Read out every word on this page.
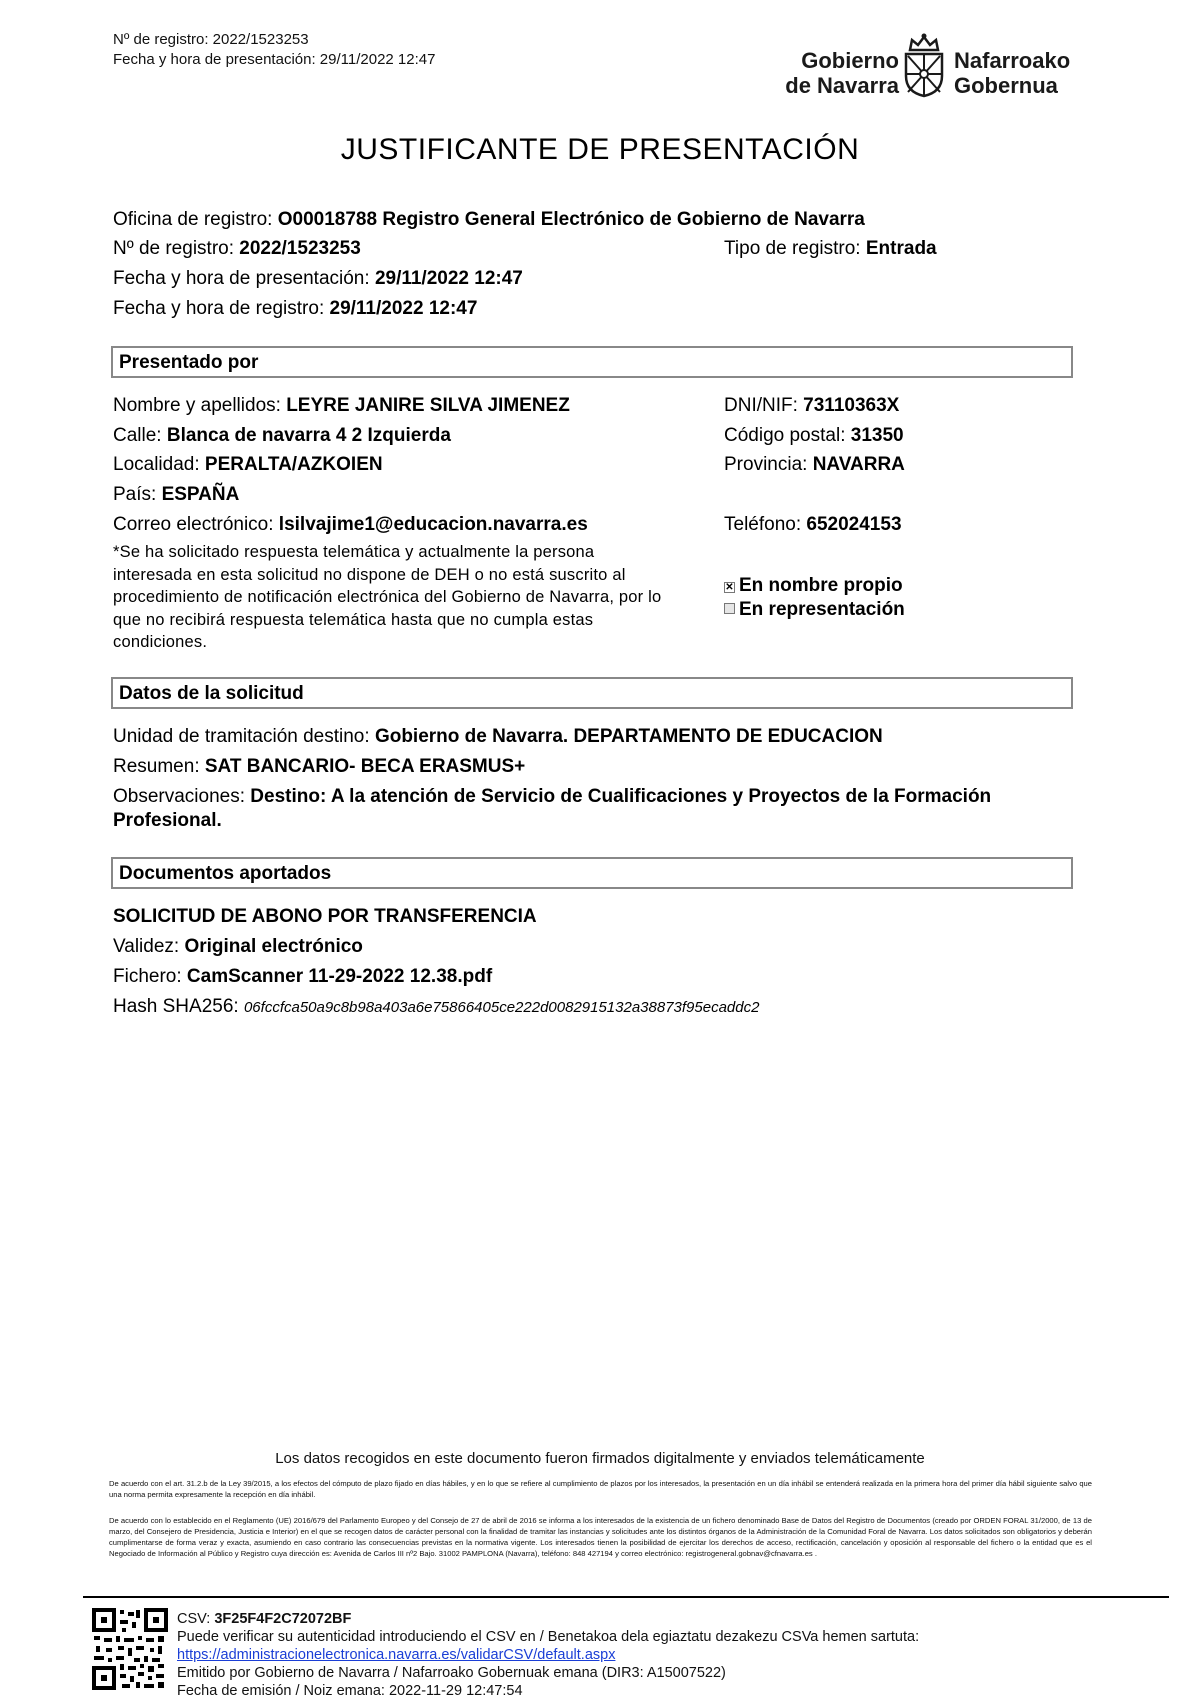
Nº de registro: 2022/1523253
Fecha y hora de presentación: 29/11/2022 12:47	Gobierno
de Navarra
Nafarroako
Gobernua
JUSTIFICANTE DE PRESENTACIÓN
Oficina de registro: O00018788 Registro General Electrónico de Gobierno de Navarra
Nº de registro: 2022/1523253	Tipo de registro: Entrada
Fecha y hora de presentación: 29/11/2022 12:47
Fecha y hora de registro: 29/11/2022 12:47
Presentado por
Nombre y apellidos: LEYRE JANIRE SILVA JIMENEZ	DNI/NIF: 73110363X
Calle: Blanca de navarra 4 2 Izquierda	Código postal: 31350
Localidad: PERALTA/AZKOIEN	Provincia: NAVARRA
País: ESPAÑA
Correo electrónico: lsilvajime1@educacion.navarra.es	Teléfono: 652024153
*Se ha solicitado respuesta telemática y actualmente la persona
interesada en esta solicitud no dispone de DEH o no está suscrito al
procedimiento de notificación electrónica del Gobierno de Navarra, por lo
que no recibirá respuesta telemática hasta que no cumpla estas
condiciones.
✕ En nombre propio
En representación
Datos de la solicitud
Unidad de tramitación destino: Gobierno de Navarra. DEPARTAMENTO DE EDUCACION
Resumen: SAT BANCARIO- BECA ERASMUS+
Observaciones: Destino: A la atención de Servicio de Cualificaciones y Proyectos de la Formación
Profesional.
Documentos aportados
SOLICITUD DE ABONO POR TRANSFERENCIA
Validez: Original electrónico
Fichero: CamScanner 11-29-2022 12.38.pdf
Hash SHA256: 06fccfca50a9c8b98a403a6e75866405ce222d0082915132a38873f95ecaddc2
Los datos recogidos en este documento fueron firmados digitalmente y enviados telemáticamente
De acuerdo con el art. 31.2.b de la Ley 39/2015, a los efectos del cómputo de plazo fijado en días hábiles, y en lo que se refiere al cumplimiento de plazos por los interesados, la presentación en un día inhábil se entenderá realizada en la primera hora del primer día hábil siguiente salvo que una norma permita expresamente la recepción en día inhábil.
De acuerdo con lo establecido en el Reglamento (UE) 2016/679 del Parlamento Europeo y del Consejo de 27 de abril de 2016 se informa a los interesados de la existencia de un fichero denominado Base de Datos del Registro de Documentos (creado por ORDEN FORAL 31/2000, de 13 de marzo, del Consejero de Presidencia, Justicia e Interior) en el que se recogen datos de carácter personal con la finalidad de tramitar las instancias y solicitudes ante los distintos órganos de la Administración de la Comunidad Foral de Navarra. Los datos solicitados son obligatorios y deberán cumplimentarse de forma veraz y exacta, asumiendo en caso contrario las consecuencias previstas en la normativa vigente. Los interesados tienen la posibilidad de ejercitar los derechos de acceso, rectificación, cancelación y oposición al responsable del fichero o la entidad que es el Negociado de Información al Público y Registro cuya dirección es: Avenida de Carlos III nº2 Bajo. 31002 PAMPLONA (Navarra), teléfono: 848 427194 y correo electrónico: registrogeneral.gobnav@cfnavarra.es .
CSV: 3F25F4F2C72072BF
Puede verificar su autenticidad introduciendo el CSV en / Benetakoa dela egiaztatu dezakezu CSVa hemen sartuta:
https://administracionelectronica.navarra.es/validarCSV/default.aspx
Emitido por Gobierno de Navarra / Nafarroako Gobernuak emana (DIR3: A15007522)
Fecha de emisión / Noiz emana: 2022-11-29 12:47:54
